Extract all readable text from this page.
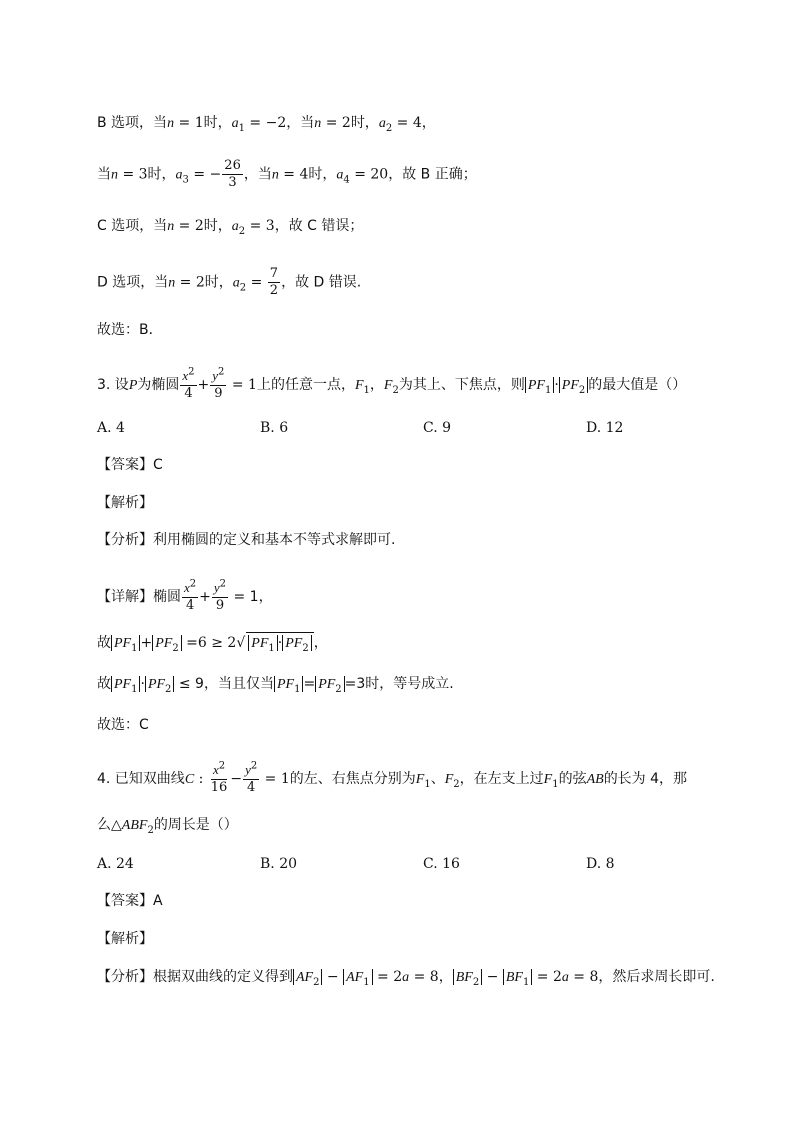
B 选项，当n = 1时，$a_1 = -2$，当n = 2时，$a_2 = 4$，
当n = 3时，$a_3$ = − $\frac{26}{3}$ ，当n = 4时，$a_4 = 20$，故 B 正确；
C 选项，当n = 2时，$a_2 = 3$，故 C 错误；
D 选项，当n = 2时，$a_2 = \frac{7}{2}$ ，故 D 错误.
故选：B．
3. 设P为椭圆 $\frac{x^2}{4} + \frac{y^2}{9} = 1$上的任意一点，$F_1$，$F_2$为其上、下焦点，则 $PF_1 \cdot PF_2$ 的最大值是（）
A. 4	B. 6	C. 9	D. 12
【答案】C
【解析】
【分析】利用椭圆的定义和基本不等式求解即可.
【详解】椭圆 $\frac{x^2}{4} + \frac{y^2}{9} = 1$，
故 $PF_1 + PF_2 =6 \ge 2√$ $PF_1 \cdot PF_2$ ，
故 $PF_1 \cdot PF_2 \le 9$，当且仅当 $PF_1 = PF_2 =3$时，等号成立.
故选：C
4. 已知双曲线C : $\frac{x^2}{16} - \frac{y^2}{4} = 1$的左、右焦点分别为$F_1$、$F_2$，在左支上过$F_1$的弦AB的长为 4，那
么$\triangle ABF_2$的周长是（）
A. 24	B. 20	C. 16	D. 8
【答案】A
【解析】
【分析】根据双曲线的定义得到 $AF_2 - AF_1 = 2a = 8$， $BF_2 - BF_1 = 2a = 8$，然后求周长即可.
